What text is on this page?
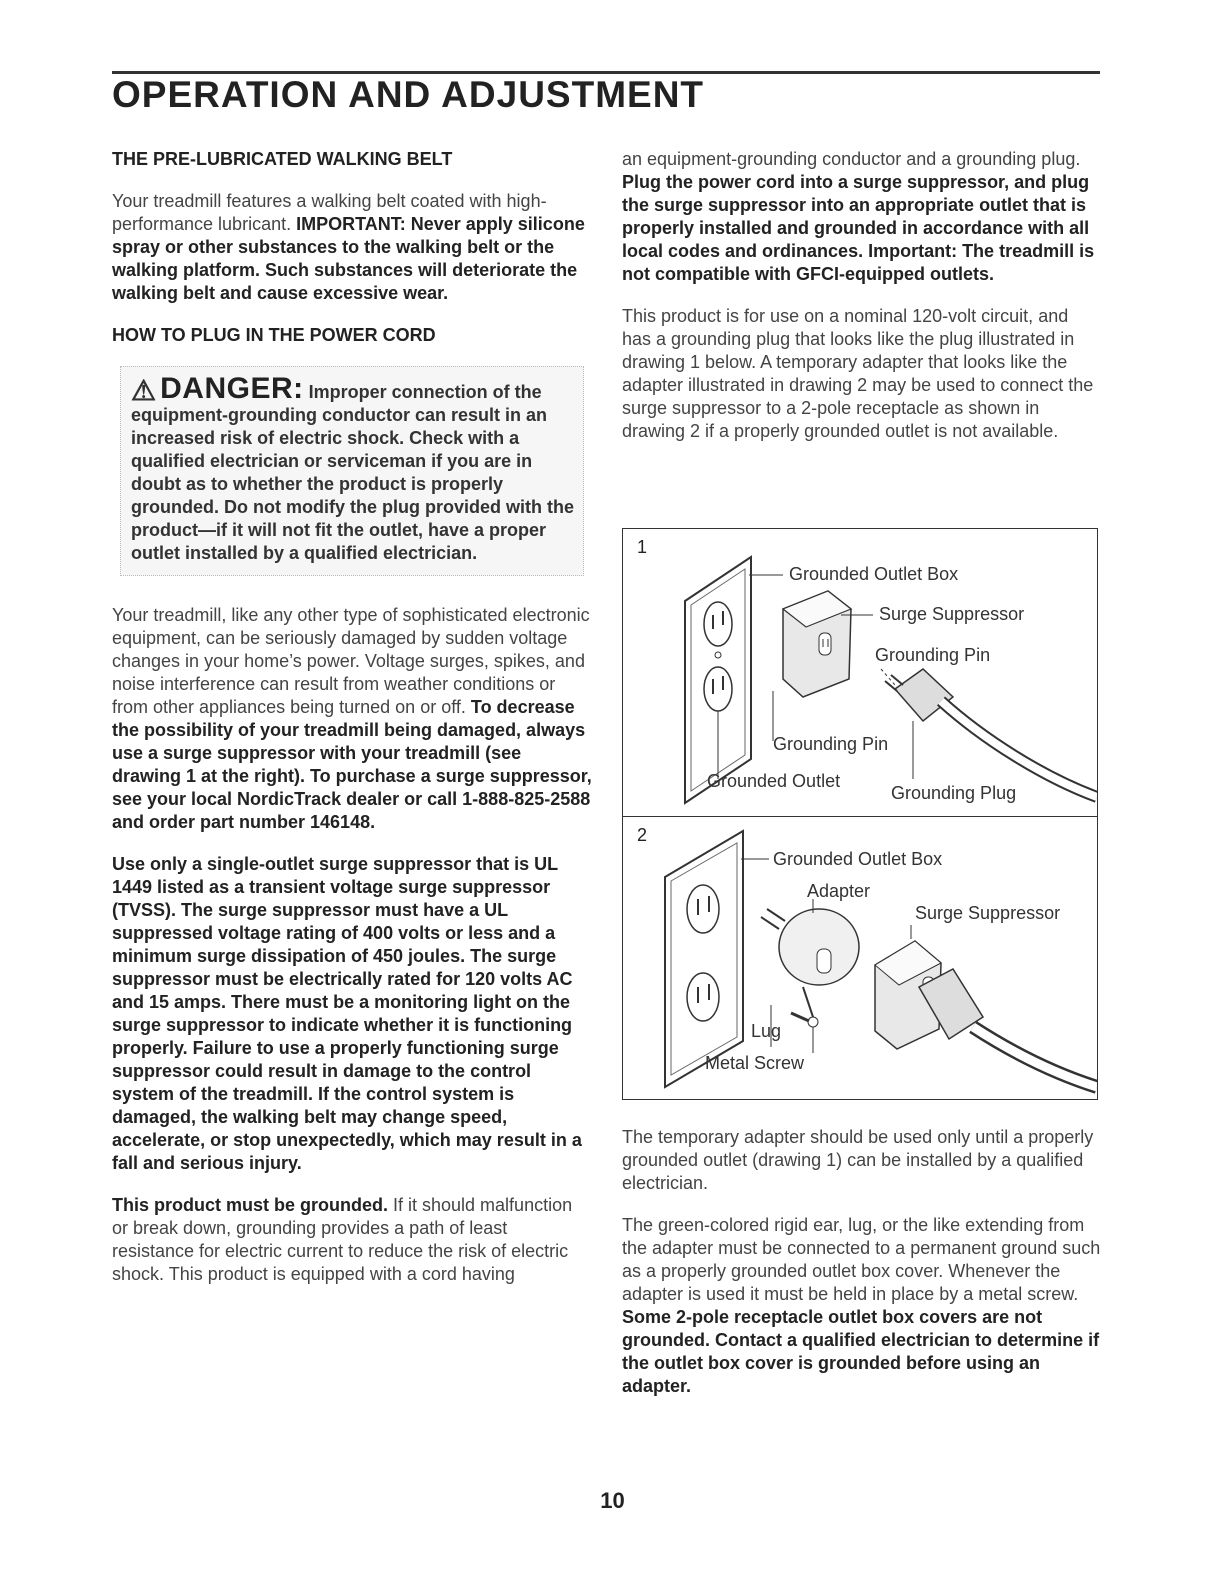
OPERATION AND ADJUSTMENT
THE PRE-LUBRICATED WALKING BELT

Your treadmill features a walking belt coated with high-performance lubricant. IMPORTANT: Never apply silicone spray or other substances to the walking belt or the walking platform. Such substances will deteriorate the walking belt and cause excessive wear.

HOW TO PLUG IN THE POWER CORD
⚠ DANGER: Improper connection of the equipment-grounding conductor can result in an increased risk of electric shock. Check with a qualified electrician or serviceman if you are in doubt as to whether the product is properly grounded. Do not modify the plug provided with the product—if it will not fit the outlet, have a proper outlet installed by a qualified electrician.

Your treadmill, like any other type of sophisticated electronic equipment, can be seriously damaged by sudden voltage changes in your home’s power. Voltage surges, spikes, and noise interference can result from weather conditions or from other appliances being turned on or off. To decrease the possibility of your treadmill being damaged, always use a surge suppressor with your treadmill (see drawing 1 at the right). To purchase a surge suppressor, see your local NordicTrack dealer or call 1-888-825-2588 and order part number 146148.

Use only a single-outlet surge suppressor that is UL 1449 listed as a transient voltage surge suppressor (TVSS). The surge suppressor must have a UL suppressed voltage rating of 400 volts or less and a minimum surge dissipation of 450 joules. The surge suppressor must be electrically rated for 120 volts AC and 15 amps. There must be a monitoring light on the surge suppressor to indicate whether it is functioning properly. Failure to use a properly functioning surge suppressor could result in damage to the control system of the treadmill. If the control system is damaged, the walking belt may change speed, accelerate, or stop unexpectedly, which may result in a fall and serious injury.

This product must be grounded. If it should malfunction or break down, grounding provides a path of least resistance for electric current to reduce the risk of electric shock. This product is equipped with a cord having

an equipment-grounding conductor and a grounding plug. Plug the power cord into a surge suppressor, and plug the surge suppressor into an appropriate outlet that is properly installed and grounded in accordance with all local codes and ordinances. Important: The treadmill is not compatible with GFCI-equipped outlets.

This product is for use on a nominal 120-volt circuit, and has a grounding plug that looks like the plug illustrated in drawing 1 below. A temporary adapter that looks like the adapter illustrated in drawing 2 may be used to connect the surge suppressor to a 2-pole receptacle as shown in drawing 2 if a properly grounded outlet is not available.

1
Grounded Outlet Box
Surge Suppressor
Grounding Pin
Grounding Pin
Grounded Outlet
Grounding Plug
2
Grounded Outlet Box
Adapter
Surge Suppressor
Lug
Metal Screw

The temporary adapter should be used only until a properly grounded outlet (drawing 1) can be installed by a qualified electrician.

The green-colored rigid ear, lug, or the like extending from the adapter must be connected to a permanent ground such as a properly grounded outlet box cover. Whenever the adapter is used it must be held in place by a metal screw. Some 2-pole receptacle outlet box covers are not grounded. Contact a qualified electrician to determine if the outlet box cover is grounded before using an adapter.

10
